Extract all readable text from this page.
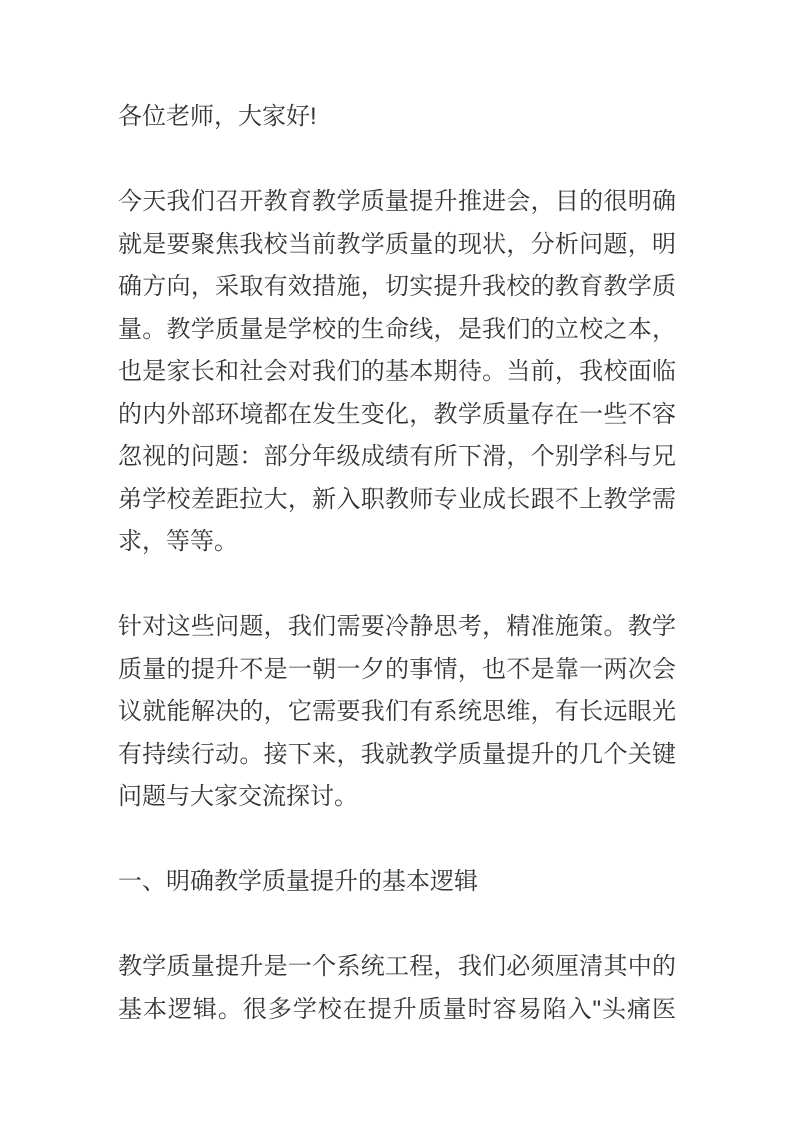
各位老师，大家好!

今天我们召开教育教学质量提升推进会，目的很明确就是要聚焦我校当前教学质量的现状，分析问题，明确方向，采取有效措施，切实提升我校的教育教学质量。教学质量是学校的生命线，是我们的立校之本，也是家长和社会对我们的基本期待。当前，我校面临的内外部环境都在发生变化，教学质量存在一些不容忽视的问题：部分年级成绩有所下滑，个别学科与兄弟学校差距拉大，新入职教师专业成长跟不上教学需求，等等。

针对这些问题，我们需要冷静思考，精准施策。教学质量的提升不是一朝一夕的事情，也不是靠一两次会议就能解决的，它需要我们有系统思维，有长远眼光有持续行动。接下来，我就教学质量提升的几个关键问题与大家交流探讨。

一、明确教学质量提升的基本逻辑

教学质量提升是一个系统工程，我们必须厘清其中的基本逻辑。很多学校在提升质量时容易陷入"头痛医
